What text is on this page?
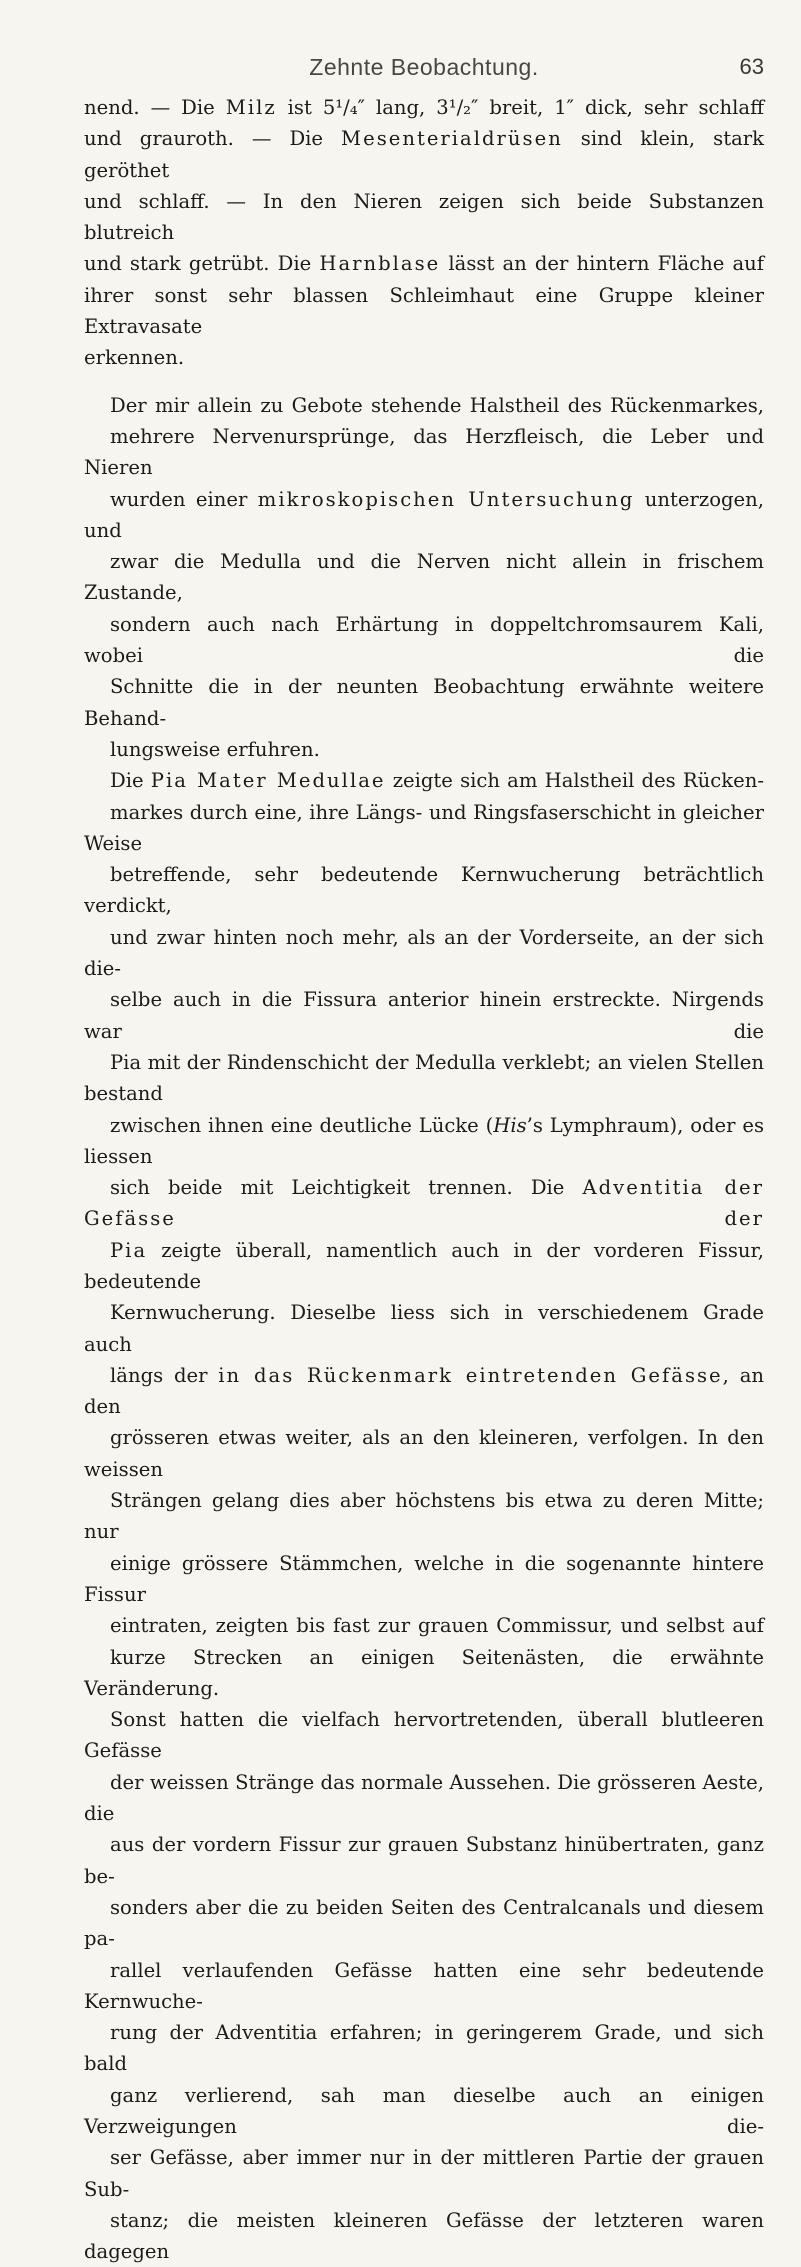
Zehnte Beobachtung.	63

nend. — Die Milz ist 5¹/₄″ lang, 3¹/₂″ breit, 1″ dick, sehr schlaff
und grauroth. — Die Mesenterialdrüsen sind klein, stark geröthet
und schlaff. — In den Nieren zeigen sich beide Substanzen blutreich
und stark getrübt. Die Harnblase lässt an der hintern Fläche auf
ihrer sonst sehr blassen Schleimhaut eine Gruppe kleiner Extravasate
erkennen.

Der mir allein zu Gebote stehende Halstheil des Rückenmarkes,
mehrere Nervenursprünge, das Herzfleisch, die Leber und Nieren
wurden einer mikroskopischen Untersuchung unterzogen, und
zwar die Medulla und die Nerven nicht allein in frischem Zustande,
sondern auch nach Erhärtung in doppeltchromsaurem Kali, wobei die
Schnitte die in der neunten Beobachtung erwähnte weitere Behand-
lungsweise erfuhren.

Die Pia Mater Medullae zeigte sich am Halstheil des Rücken-
markes durch eine, ihre Längs- und Ringsfaserschicht in gleicher Weise
betreffende, sehr bedeutende Kernwucherung beträchtlich verdickt,
und zwar hinten noch mehr, als an der Vorderseite, an der sich die-
selbe auch in die Fissura anterior hinein erstreckte. Nirgends war die
Pia mit der Rindenschicht der Medulla verklebt; an vielen Stellen bestand
zwischen ihnen eine deutliche Lücke (His’s Lymphraum), oder es liessen
sich beide mit Leichtigkeit trennen. Die Adventitia der Gefässe der
Pia zeigte überall, namentlich auch in der vorderen Fissur, bedeutende
Kernwucherung. Dieselbe liess sich in verschiedenem Grade auch
längs der in das Rückenmark eintretenden Gefässe, an den
grösseren etwas weiter, als an den kleineren, verfolgen. In den weissen
Strängen gelang dies aber höchstens bis etwa zu deren Mitte; nur
einige grössere Stämmchen, welche in die sogenannte hintere Fissur
eintraten, zeigten bis fast zur grauen Commissur, und selbst auf
kurze Strecken an einigen Seitenästen, die erwähnte Veränderung.
Sonst hatten die vielfach hervortretenden, überall blutleeren Gefässe
der weissen Stränge das normale Aussehen. Die grösseren Aeste, die
aus der vordern Fissur zur grauen Substanz hinübertraten, ganz be-
sonders aber die zu beiden Seiten des Centralcanals und diesem pa-
rallel verlaufenden Gefässe hatten eine sehr bedeutende Kernwuche-
rung der Adventitia erfahren; in geringerem Grade, und sich bald
ganz verlierend, sah man dieselbe auch an einigen Verzweigungen die-
ser Gefässe, aber immer nur in der mittleren Partie der grauen Sub-
stanz; die meisten kleineren Gefässe der letzteren waren dagegen
